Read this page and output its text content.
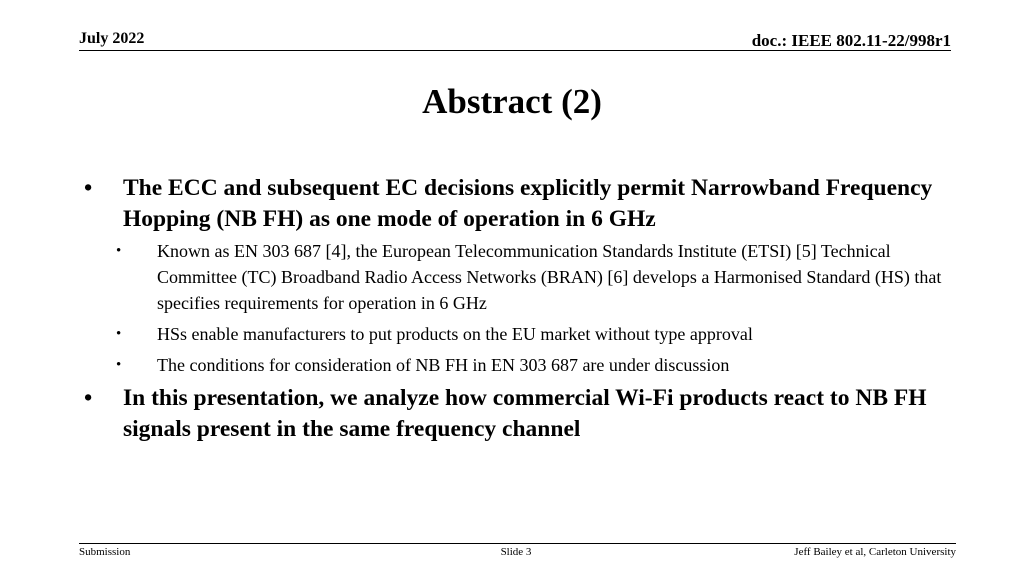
July 2022	doc.: IEEE 802.11-22/998r1
Abstract (2)
• The ECC and subsequent EC decisions explicitly permit Narrowband Frequency Hopping (NB FH) as one mode of operation in 6 GHz
• Known as EN 303 687 [4], the European Telecommunication Standards Institute (ETSI) [5] Technical Committee (TC) Broadband Radio Access Networks (BRAN) [6] develops a Harmonised Standard (HS) that specifies requirements for operation in 6 GHz
• HSs enable manufacturers to put products on the EU market without type approval
• The conditions for consideration of NB FH in EN 303 687 are under discussion
• In this presentation, we analyze how commercial Wi-Fi products react to NB FH signals present in the same frequency channel
Submission	Slide 3	Jeff Bailey et al, Carleton University
